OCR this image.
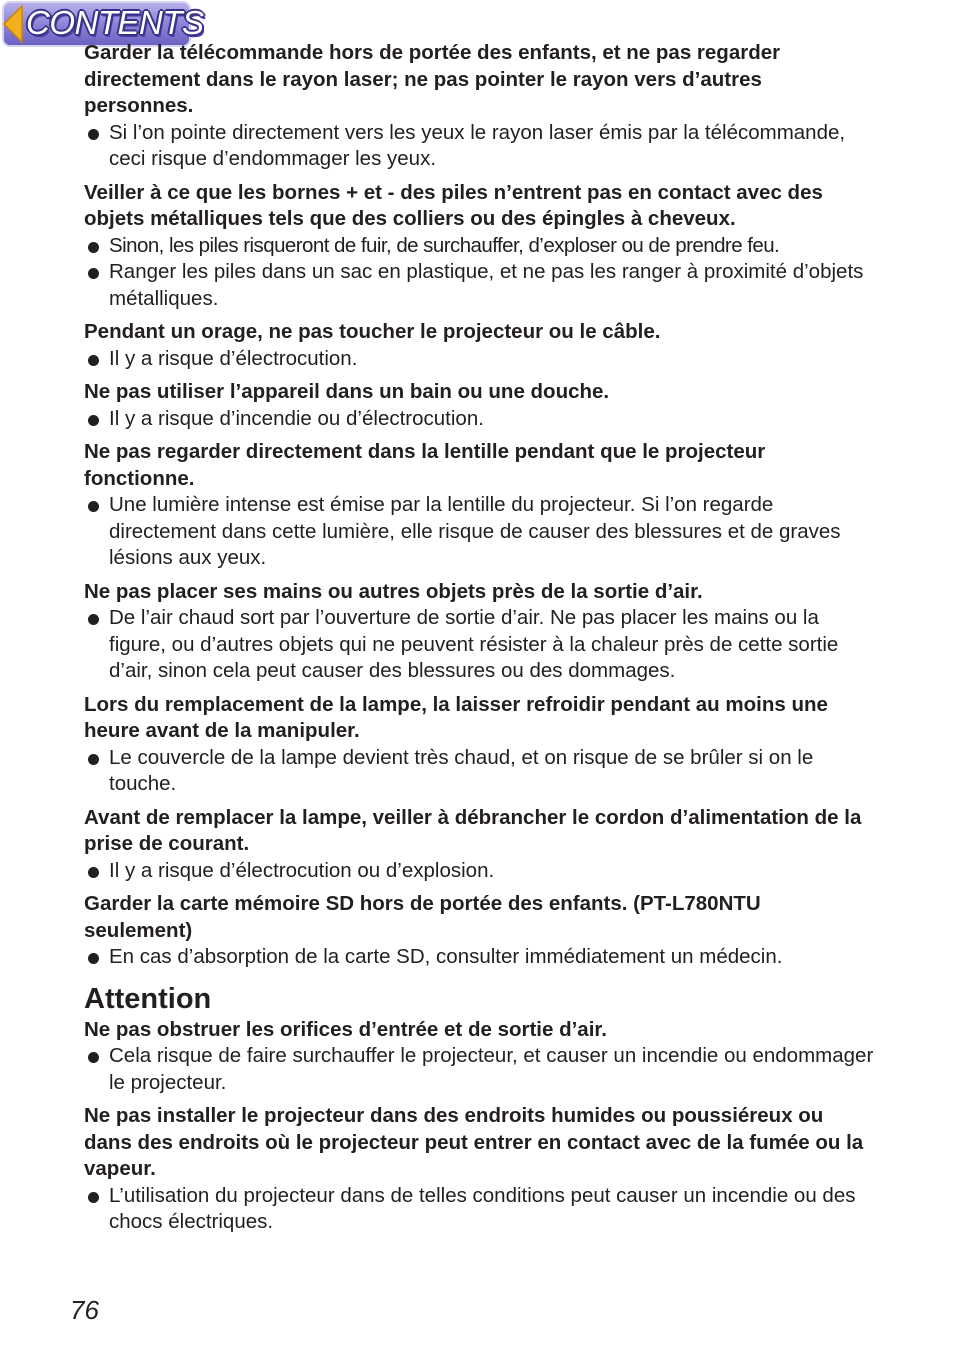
CONTENTS

Garder la télécommande hors de portée des enfants, et ne pas regarder directement dans le rayon laser; ne pas pointer le rayon vers d’autres personnes.

Si l’on pointe directement vers les yeux le rayon laser émis par la télécommande, ceci risque d’endommager les yeux.

Veiller à ce que les bornes + et - des piles n’entrent pas en contact avec des objets métalliques tels que des colliers ou des épingles à cheveux.

Sinon, les piles risqueront de fuir, de surchauffer, d’exploser ou de prendre feu.
Ranger les piles dans un sac en plastique, et ne pas les ranger à proximité d’objets métalliques.

Pendant un orage, ne pas toucher le projecteur ou le câble.

Il y a risque d’électrocution.

Ne pas utiliser l’appareil dans un bain ou une douche.

Il y a risque d’incendie ou d’électrocution.

Ne pas regarder directement dans la lentille pendant que le projecteur fonctionne.

Une lumière intense est émise par la lentille du projecteur. Si l’on regarde directement dans cette lumière, elle risque de causer des blessures et de graves lésions aux yeux.

Ne pas placer ses mains ou autres objets près de la sortie d’air.

De l’air chaud sort par l’ouverture de sortie d’air. Ne pas placer les mains ou la figure, ou d’autres objets qui ne peuvent résister à la chaleur près de cette sortie d’air, sinon cela peut causer des blessures ou des dommages.

Lors du remplacement de la lampe, la laisser refroidir pendant au moins une heure avant de la manipuler.

Le couvercle de la lampe devient très chaud, et on risque de se brûler si on le touche.

Avant de remplacer la lampe, veiller à débrancher le cordon d’alimentation de la prise de courant.

Il y a risque d’électrocution ou d’explosion.

Garder la carte mémoire SD hors de portée des enfants. (PT-L780NTU seulement)

En cas d’absorption de la carte SD, consulter immédiatement un médecin.
Attention

Ne pas obstruer les orifices d’entrée et de sortie d’air.

Cela risque de faire surchauffer le projecteur, et causer un incendie ou endommager le projecteur.

Ne pas installer le projecteur dans des endroits humides ou poussiéreux ou dans des endroits où le projecteur peut entrer en contact avec de la fumée ou la vapeur.

L’utilisation du projecteur dans de telles conditions peut causer un incendie ou des chocs électriques.
76
